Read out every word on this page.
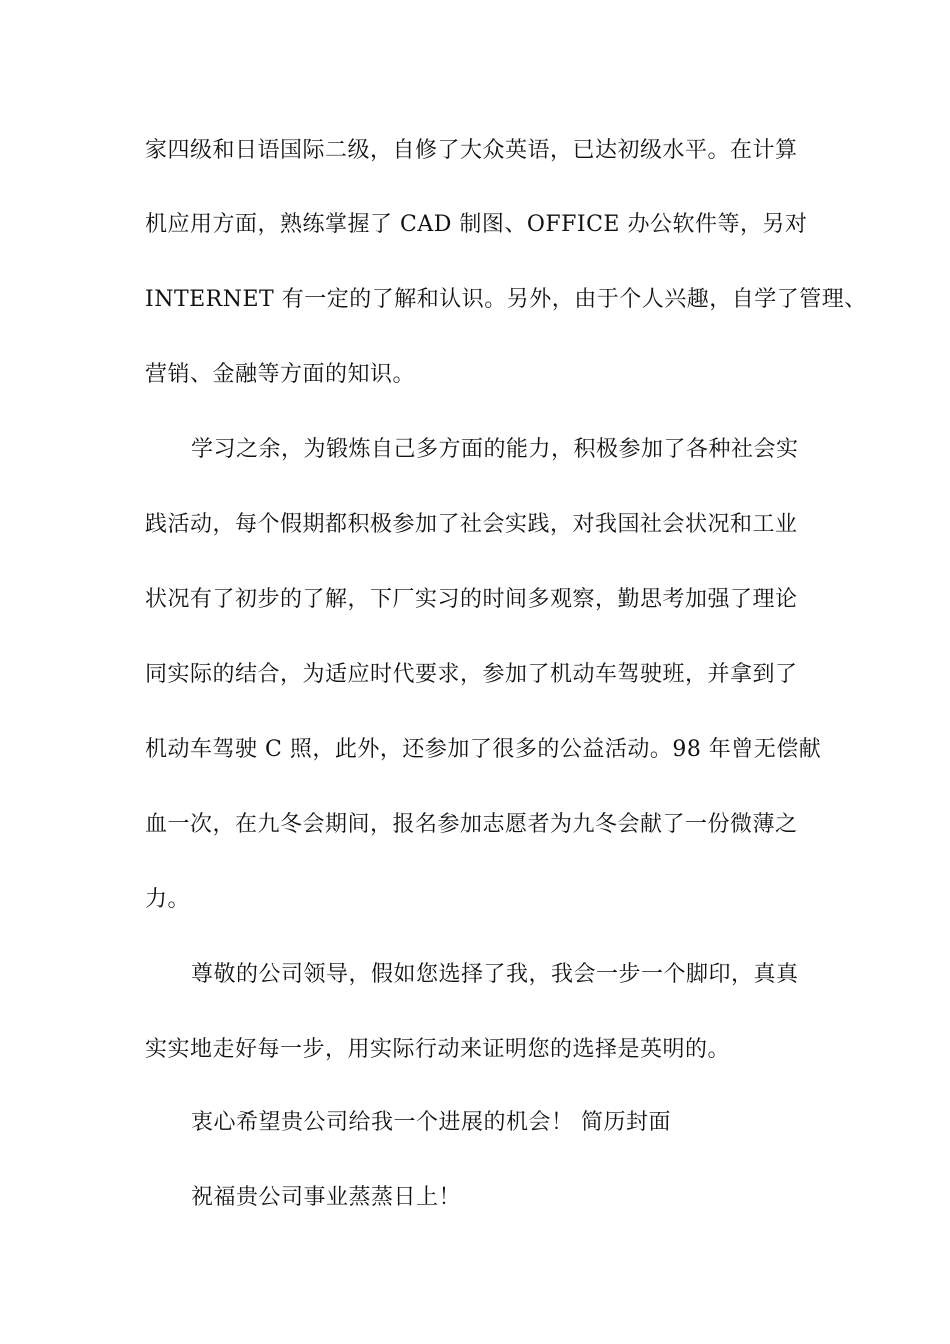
家四级和日语国际二级，自修了大众英语，已达初级水平。在计算
机应用方面，熟练掌握了 CAD 制图、OFFICE 办公软件等，另对
INTERNET 有一定的了解和认识。另外，由于个人兴趣，自学了管理、
营销、金融等方面的知识。
学习之余，为锻炼自己多方面的能力，积极参加了各种社会实
践活动，每个假期都积极参加了社会实践，对我国社会状况和工业
状况有了初步的了解，下厂实习的时间多观察，勤思考加强了理论
同实际的结合，为适应时代要求，参加了机动车驾驶班，并拿到了
机动车驾驶 C 照，此外，还参加了很多的公益活动。98 年曾无偿献
血一次，在九冬会期间，报名参加志愿者为九冬会献了一份微薄之
力。
尊敬的公司领导，假如您选择了我，我会一步一个脚印，真真
实实地走好每一步，用实际行动来证明您的选择是英明的。
衷心希望贵公司给我一个进展的机会！ 简历封面
祝福贵公司事业蒸蒸日上！
